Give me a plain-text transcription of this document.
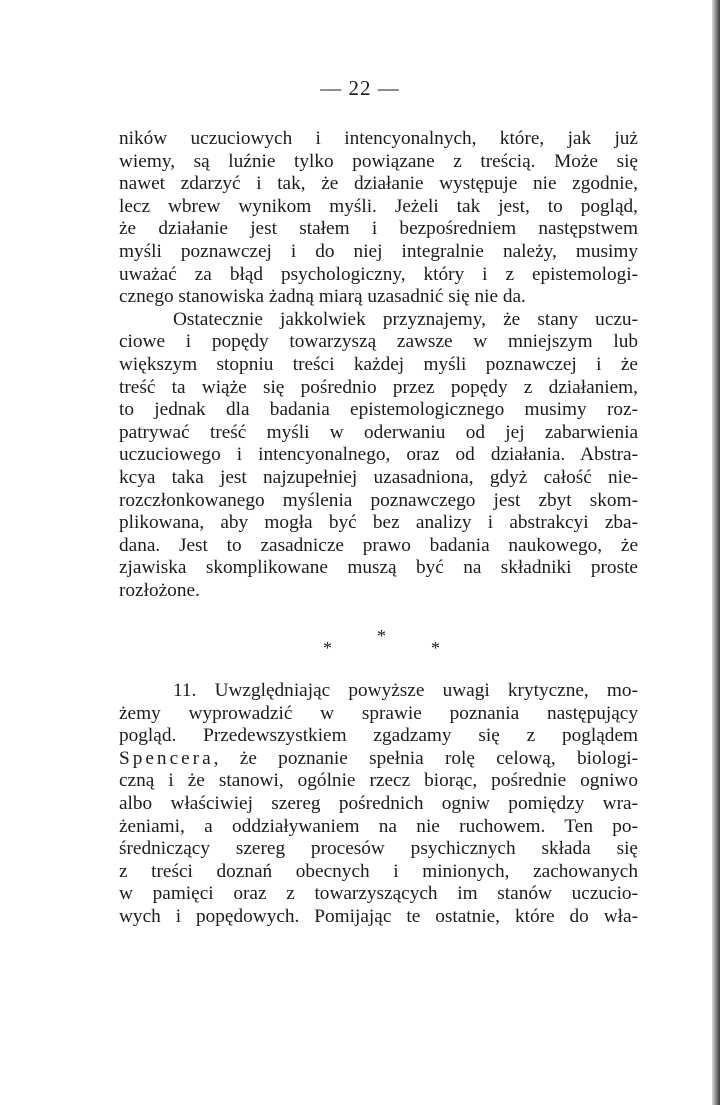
— 22 —
ników uczuciowych i intencyonalnych, które, jak już
wiemy, są luźnie tylko powiązane z treścią. Może się
nawet zdarzyć i tak, że działanie występuje nie zgodnie,
lecz wbrew wynikom myśli. Jeżeli tak jest, to pogląd,
że działanie jest stałem i bezpośredniem następstwem
myśli poznawczej i do niej integralnie należy, musimy
uważać za błąd psychologiczny, który i z epistemologi-
cznego stanowiska żadną miarą uzasadnić się nie da.
Ostatecznie jakkolwiek przyznajemy, że stany uczu-
ciowe i popędy towarzyszą zawsze w mniejszym lub
większym stopniu treści każdej myśli poznawczej i że
treść ta wiąże się pośrednio przez popędy z działaniem,
to jednak dla badania epistemologicznego musimy roz-
patrywać treść myśli w oderwaniu od jej zabarwienia
uczuciowego i intencyonalnego, oraz od działania. Abstra-
kcya taka jest najzupełniej uzasadniona, gdyż całość nie-
rozczłonkowanego myślenia poznawczego jest zbyt skom-
plikowana, aby mogła być bez analizy i abstrakcyi zba-
dana. Jest to zasadnicze prawo badania naukowego, że
zjawiska skomplikowane muszą być na składniki proste
rozłożone.
*
*
*
11. Uwzględniając powyższe uwagi krytyczne, mo-
żemy wyprowadzić w sprawie poznania następujący
pogląd. Przedewszystkiem zgadzamy się z poglądem
Spencera, że poznanie spełnia rolę celową, biologi-
czną i że stanowi, ogólnie rzecz biorąc, pośrednie ogniwo
albo właściwiej szereg pośrednich ogniw pomiędzy wra-
żeniami, a oddziaływaniem na nie ruchowem. Ten po-
średniczący szereg procesów psychicznych składa się
z treści doznań obecnych i minionych, zachowanych
w pamięci oraz z towarzyszących im stanów uczucio-
wych i popędowych. Pomijając te ostatnie, które do wła-
